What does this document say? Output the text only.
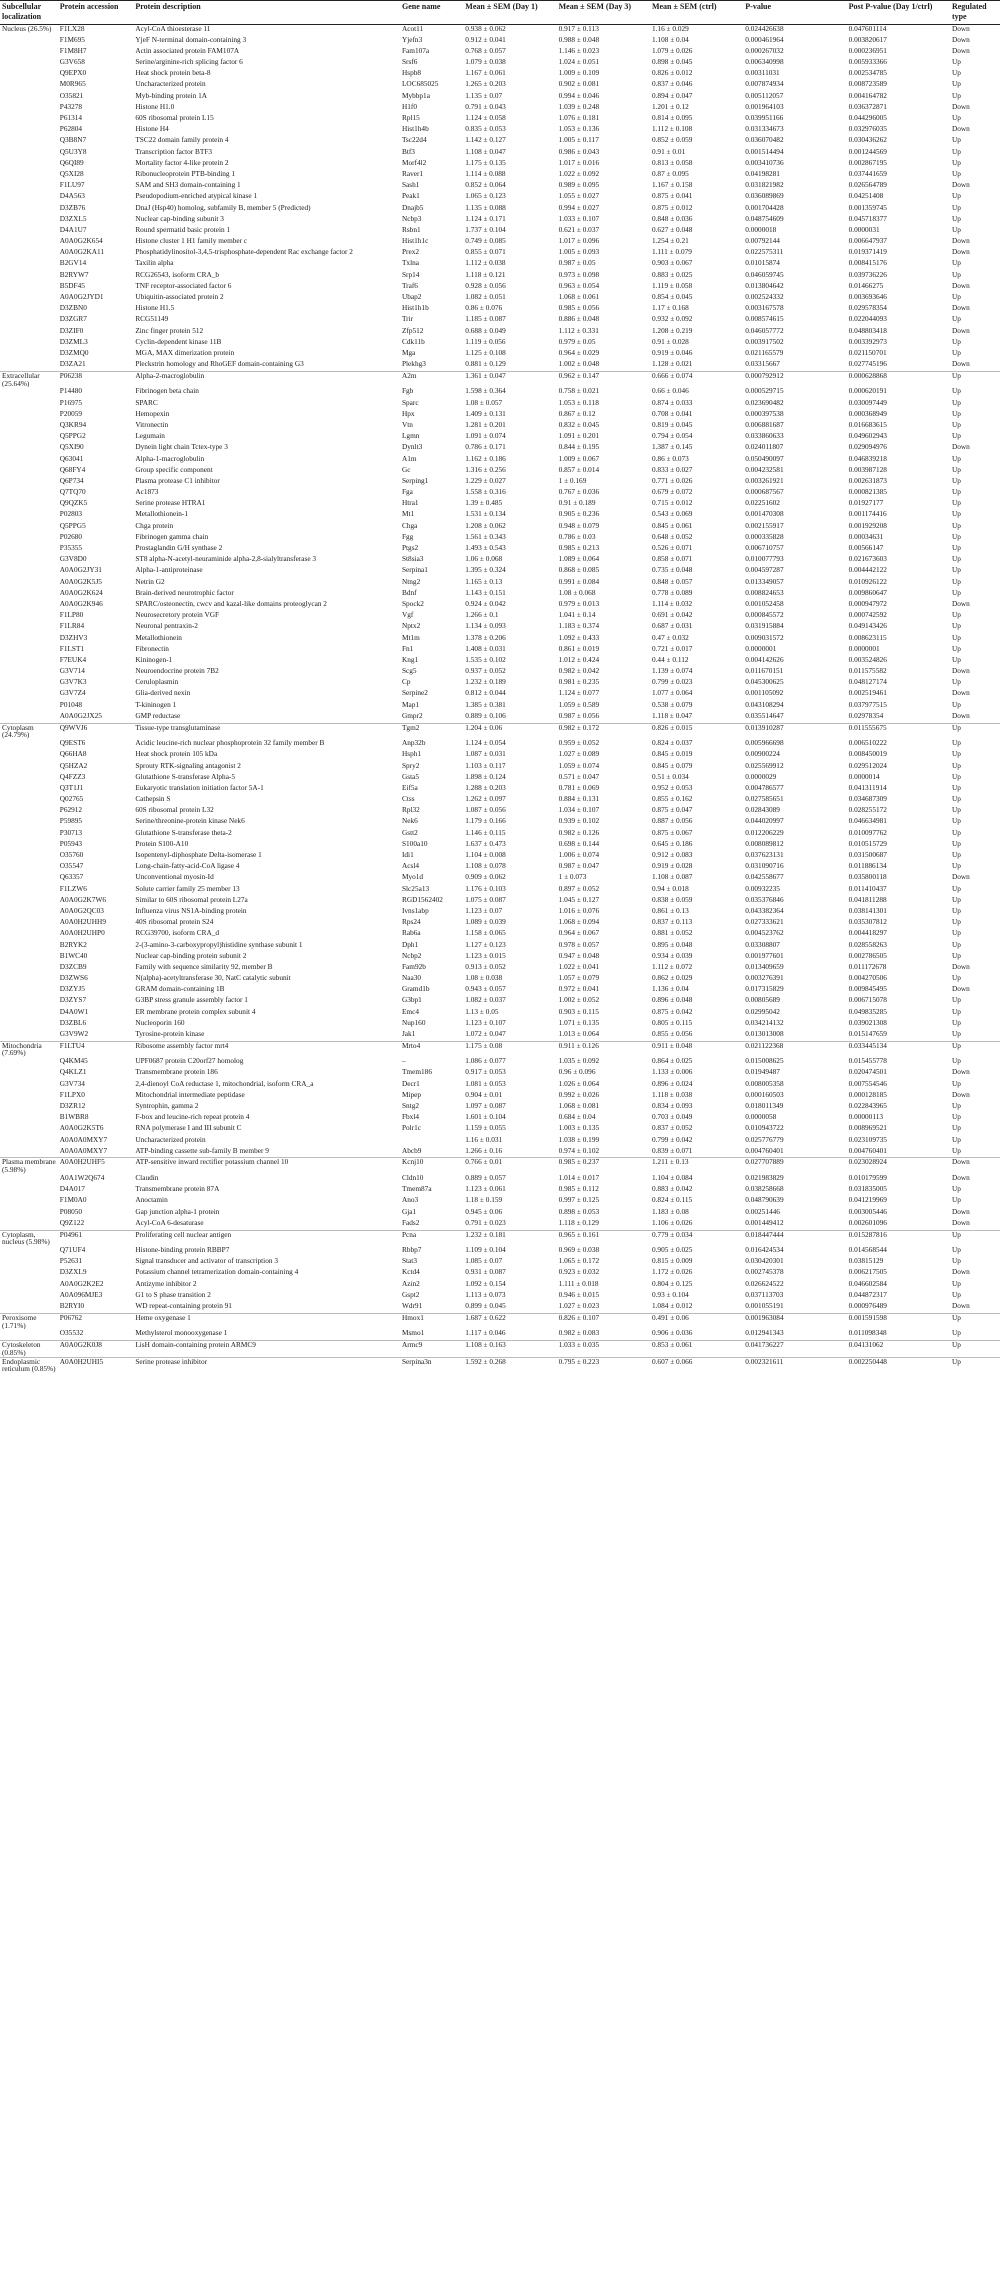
Subcellular localization	Protein accession	Protein description	Gene name	Mean ± SEM (Day 1)	Mean ± SEM (Day 3)	Mean ± SEM (ctrl)	P-value	Post P-value (Day 1/ctrl)	Regulated type
Nucleus (26.5%)	F1LX28	Acyl-CoA thioesterase 11	Acot11	0.938 ± 0.062	0.917 ± 0.113	1.16 ± 0.029	0.024426638	0.047601114	Down
	F1M695	YjeF N-terminal domain-containing 3	Yjefn3	0.912 ± 0.041	0.988 ± 0.048	1.108 ± 0.04	0.000461964	0.003820617	Down
	F1M8H7	Actin associated protein FAM107A	Fam107a	0.768 ± 0.057	1.146 ± 0.023	1.079 ± 0.026	0.000267032	0.000236951	Down
	G3V658	Serine/arginine-rich splicing factor 6	Srsf6	1.079 ± 0.038	1.024 ± 0.051	0.898 ± 0.045	0.006340998	0.005933366	Up
	Q9EPX0	Heat shock protein beta-8	Hspb8	1.167 ± 0.061	1.009 ± 0.109	0.826 ± 0.012	0.00311031	0.002534785	Up
	M0R965	Uncharacterized protein	LOC685025	1.265 ± 0.203	0.902 ± 0.081	0.837 ± 0.046	0.007874934	0.008723589	Up
	O35821	Myb-binding protein 1A	Mybbp1a	1.135 ± 0.07	0.994 ± 0.046	0.894 ± 0.047	0.005112057	0.004164782	Up
	P43278	Histone H1.0	H1f0	0.791 ± 0.043	1.039 ± 0.248	1.201 ± 0.12	0.001964103	0.036372871	Down
	P61314	60S ribosomal protein L15	Rpl15	1.124 ± 0.058	1.076 ± 0.181	0.814 ± 0.095	0.039951166	0.044296005	Up
	P62804	Histone H4	Hist1h4b	0.835 ± 0.053	1.053 ± 0.136	1.112 ± 0.108	0.031334673	0.032976035	Down
	Q3B8N7	TSC22 domain family protein 4	Tsc22d4	1.142 ± 0.127	1.005 ± 0.117	0.852 ± 0.059	0.036070482	0.030436262	Up
	Q5U3Y8	Transcription factor BTF3	Btf3	1.108 ± 0.047	0.986 ± 0.043	0.91 ± 0.01	0.001514494	0.001244569	Up
	Q6QI89	Mortality factor 4-like protein 2	Morf4l2	1.175 ± 0.135	1.017 ± 0.016	0.813 ± 0.058	0.003410736	0.002867195	Up
	Q5XI28	Ribonucleoprotein PTB-binding 1	Raver1	1.114 ± 0.088	1.022 ± 0.092	0.87 ± 0.095	0.04198281	0.037441659	Up
	F1LU97	SAM and SH3 domain-containing 1	Sash1	0.852 ± 0.064	0.989 ± 0.095	1.167 ± 0.158	0.031821982	0.026564789	Down
	D4A563	Pseudopodium-enriched atypical kinase 1	Peak1	1.065 ± 0.123	1.055 ± 0.027	0.875 ± 0.041	0.036089869	0.04251408	Up
	D3ZB76	DnaJ (Hsp40) homolog, subfamily B, member 5 (Predicted)	Dnajb5	1.135 ± 0.088	0.994 ± 0.027	0.875 ± 0.012	0.001704428	0.001359745	Up
	D3ZXL5	Nuclear cap-binding subunit 3	Ncbp3	1.124 ± 0.171	1.033 ± 0.107	0.848 ± 0.036	0.048754609	0.045718377	Up
	D4A1U7	Round spermatid basic protein 1	Rsbn1	1.737 ± 0.104	0.621 ± 0.037	0.627 ± 0.048	0.0000018	0.0000031	Up
	A0A0G2K654	Histone cluster 1 H1 family member c	Hist1h1c	0.749 ± 0.085	1.017 ± 0.096	1.254 ± 0.21	0.00792144	0.006647937	Down
	A0A0G2KA11	Phosphatidylinositol-3,4,5-trisphosphate-dependent Rac exchange factor 2	Prex2	0.855 ± 0.071	1.005 ± 0.093	1.111 ± 0.079	0.022575311	0.019371419	Down
	B2GV14	Taxilin alpha	Txlna	1.112 ± 0.038	0.987 ± 0.05	0.903 ± 0.067	0.01015874	0.008415176	Up
	B2RYW7	RCG26543, isoform CRA_b	Srp14	1.118 ± 0.121	0.973 ± 0.098	0.883 ± 0.025	0.046059745	0.039736226	Up
	B5DF45	TNF receptor-associated factor 6	Traf6	0.928 ± 0.056	0.963 ± 0.054	1.119 ± 0.058	0.013804642	0.01466275	Down
	A0A0G2JYD1	Ubiquitin-associated protein 2	Ubap2	1.082 ± 0.051	1.068 ± 0.061	0.854 ± 0.045	0.002524332	0.003693646	Up
	D3ZBN0	Histone H1.5	Hist1h1b	0.86 ± 0.076	0.985 ± 0.056	1.17 ± 0.168	0.003167578	0.029578354	Down
	D3ZGR7	RCG51149	Trir	1.185 ± 0.087	0.886 ± 0.048	0.932 ± 0.092	0.008574615	0.022044093	Up
	D3ZIF0	Zinc finger protein 512	Zfp512	0.688 ± 0.049	1.112 ± 0.331	1.208 ± 0.219	0.046057772	0.048803418	Down
	D3ZML3	Cyclin-dependent kinase 11B	Cdk11b	1.119 ± 0.056	0.979 ± 0.05	0.91 ± 0.028	0.003917502	0.003392973	Up
	D3ZMQ0	MGA, MAX dimerization protein	Mga	1.125 ± 0.108	0.964 ± 0.029	0.919 ± 0.046	0.021165579	0.021150701	Up
	D3ZA21	Pleckstrin homology and RhoGEF domain-containing G3	Plekhg3	0.881 ± 0.129	1.002 ± 0.048	1.128 ± 0.021	0.03315667	0.027745196	Down
Extracellular (25.64%)	P06238	Alpha-2-macroglobulin	A2m	1.361 ± 0.047	0.962 ± 0.147	0.666 ± 0.074	0.000792912	0.000628868	Up
	P14480	Fibrinogen beta chain	Fgb	1.598 ± 0.364	0.758 ± 0.021	0.66 ± 0.046	0.000529715	0.000620191	Up
	P16975	SPARC	Sparc	1.08 ± 0.057	1.053 ± 0.118	0.874 ± 0.033	0.023690482	0.030097449	Up
	P20059	Hemopexin	Hpx	1.409 ± 0.131	0.867 ± 0.12	0.708 ± 0.041	0.000397538	0.000368949	Up
	Q3KR94	Vitronectin	Vtn	1.281 ± 0.201	0.832 ± 0.045	0.819 ± 0.045	0.006881687	0.016683615	Up
	Q5PPG2	Legumain	Lgmn	1.091 ± 0.074	1.091 ± 0.201	0.794 ± 0.054	0.033860633	0.049602943	Up
	Q5XI90	Dynein light chain Tctex-type 3	Dynlt3	0.786 ± 0.171	0.844 ± 0.195	1.387 ± 0.145	0.024011807	0.029094976	Down
	Q63041	Alpha-1-macroglobulin	A1m	1.162 ± 0.186	1.009 ± 0.067	0.86 ± 0.073	0.050490097	0.046839218	Up
	Q68FY4	Group specific component	Gc	1.316 ± 0.256	0.857 ± 0.014	0.833 ± 0.027	0.004232581	0.003987128	Up
	Q6P734	Plasma protease C1 inhibitor	Serping1	1.229 ± 0.027	1 ± 0.169	0.771 ± 0.026	0.003261921	0.002631873	Up
	Q7TQ70	Ac1873	Fga	1.558 ± 0.316	0.767 ± 0.036	0.679 ± 0.072	0.000687567	0.000821385	Up
	Q9QZK5	Serine protease HTRA1	Htra1	1.39 ± 0.485	0.91 ± 0.189	0.715 ± 0.012	0.02251602	0.01927177	Up
	P02803	Metallothionein-1	Mt1	1.531 ± 0.134	0.905 ± 0.236	0.543 ± 0.069	0.001470308	0.001174416	Up
	Q5PPG5	Chga protein	Chga	1.208 ± 0.062	0.948 ± 0.079	0.845 ± 0.061	0.002155917	0.001929208	Up
	P02680	Fibrinogen gamma chain	Fgg	1.561 ± 0.343	0.786 ± 0.03	0.648 ± 0.052	0.000335828	0.00034631	Up
	P35355	Prostaglandin G/H synthase 2	Ptgs2	1.493 ± 0.543	0.985 ± 0.213	0.526 ± 0.071	0.006710757	0.00566147	Up
	G3V8D0	ST8 alpha-N-acetyl-neuraminide alpha-2,8-sialyltransferase 3	St8sia3	1.06 ± 0.068	1.089 ± 0.064	0.858 ± 0.071	0.010077793	0.021673603	Up
	A0A0G2JY31	Alpha-1-antiproteinase	Serpina1	1.395 ± 0.324	0.868 ± 0.085	0.735 ± 0.048	0.004597287	0.004442122	Up
	A0A0G2K5J5	Netrin G2	Ntng2	1.165 ± 0.13	0.991 ± 0.084	0.848 ± 0.057	0.013349057	0.010926122	Up
	A0A0G2K624	Brain-derived neurotrophic factor	Bdnf	1.143 ± 0.151	1.08 ± 0.068	0.778 ± 0.089	0.008824653	0.009860647	Up
	A0A0G2K946	SPARC/osteonectin, cwcv and kazal-like domains proteoglycan 2	Spock2	0.924 ± 0.042	0.979 ± 0.013	1.114 ± 0.032	0.001052458	0.000947972	Down
	F1LP80	Neurosecretory protein VGF	Vgf	1.266 ± 0.1	1.041 ± 0.14	0.691 ± 0.042	0.000845572	0.000742592	Up
	F1LR84	Neuronal pentraxin-2	Nptx2	1.134 ± 0.093	1.183 ± 0.374	0.687 ± 0.031	0.031915884	0.049143426	Up
	D3ZHV3	Metallothionein	Mt1m	1.378 ± 0.206	1.092 ± 0.433	0.47 ± 0.032	0.009031572	0.008623115	Up
	F1LST1	Fibronectin	Fn1	1.408 ± 0.031	0.861 ± 0.019	0.721 ± 0.017	0.0000001	0.0000001	Up
	F7EUK4	Kininogen-1	Kng1	1.535 ± 0.102	1.012 ± 0.424	0.44 ± 0.112	0.004142626	0.003524826	Up
	G3V714	Neuroendocrine protein 7B2	Scg5	0.937 ± 0.052	0.982 ± 0.042	1.139 ± 0.074	0.011670151	0.011575582	Down
	G3V7K3	Ceruloplasmin	Cp	1.232 ± 0.189	0.981 ± 0.235	0.799 ± 0.023	0.045300625	0.048127174	Up
	G3V7Z4	Glia-derived nexin	Serpine2	0.812 ± 0.044	1.124 ± 0.077	1.077 ± 0.064	0.001105092	0.002519461	Down
	P01048	T-kininogen 1	Map1	1.385 ± 0.381	1.059 ± 0.589	0.538 ± 0.079	0.043108294	0.037977515	Up
	A0A0G2JX25	GMP reductase	Gmpr2	0.889 ± 0.106	0.987 ± 0.056	1.118 ± 0.047	0.035514647	0.02978354	Down
Cytoplasm (24.79%)	Q9WVJ6	Tissue-type transglutaminase	Tgm2	1.204 ± 0.06	0.982 ± 0.172	0.826 ± 0.015	0.013910287	0.011555675	Up
	Q9EST6	Acidic leucine-rich nuclear phosphoprotein 32 family member B	Anp32b	1.124 ± 0.054	0.959 ± 0.052	0.824 ± 0.037	0.005966698	0.006510222	Up
	Q66HA8	Heat shock protein 105 kDa	Hsph1	1.087 ± 0.031	1.027 ± 0.089	0.845 ± 0.019	0.00900224	0.008450019	Up
	Q5HZA2	Sprouty RTK-signaling antagonist 2	Spry2	1.103 ± 0.117	1.059 ± 0.074	0.845 ± 0.079	0.025569912	0.029512024	Up
	Q4FZZ3	Glutathione S-transferase Alpha-5	Gsta5	1.898 ± 0.124	0.571 ± 0.047	0.51 ± 0.034	0.0000029	0.0000014	Up
	Q3T1J1	Eukaryotic translation initiation factor 5A-1	Eif5a	1.288 ± 0.203	0.781 ± 0.069	0.952 ± 0.053	0.004786577	0.041311914	Up
	Q02765	Cathepsin S	Ctss	1.262 ± 0.097	0.884 ± 0.131	0.855 ± 0.162	0.027585651	0.034687309	Up
	P62912	60S ribosomal protein L32	Rpl32	1.087 ± 0.056	1.034 ± 0.107	0.875 ± 0.047	0.02843089	0.028255172	Up
	P59895	Serine/threonine-protein kinase Nek6	Nek6	1.179 ± 0.166	0.939 ± 0.102	0.887 ± 0.056	0.044020997	0.046634981	Up
	P30713	Glutathione S-transferase theta-2	Gstt2	1.146 ± 0.115	0.982 ± 0.126	0.875 ± 0.067	0.012206229	0.010097762	Up
	P05943	Protein S100-A10	S100a10	1.637 ± 0.473	0.698 ± 0.144	0.645 ± 0.186	0.008089812	0.010515729	Up
	O35760	Isopentenyl-diphosphate Delta-isomerase 1	Idi1	1.104 ± 0.008	1.006 ± 0.074	0.912 ± 0.083	0.037623131	0.031500687	Up
	O35547	Long-chain-fatty-acid-CoA ligase 4	Acsl4	1.108 ± 0.078	0.987 ± 0.047	0.919 ± 0.028	0.031090716	0.011886134	Up
	Q63357	Unconventional myosin-Id	Myo1d	0.909 ± 0.062	1 ± 0.073	1.108 ± 0.087	0.042558677	0.035800118	Down
	F1LZW6	Solute carrier family 25 member 13	Slc25a13	1.176 ± 0.103	0.897 ± 0.052	0.94 ± 0.018	0.00932235	0.011410437	Up
	A0A0G2K7W6	Similar to 60S ribosomal protein L27a	RGD1562402	1.075 ± 0.087	1.045 ± 0.127	0.838 ± 0.059	0.035376846	0.041811288	Up
	A0A0G2QC03	Influenza virus NS1A-binding protein	Ivns1abp	1.123 ± 0.07	1.016 ± 0.076	0.861 ± 0.13	0.043382364	0.038141301	Up
	A0A0H2UHH9	40S ribosomal protein S24	Rps24	1.089 ± 0.039	1.068 ± 0.094	0.837 ± 0.113	0.027333621	0.035307812	Up
	A0A0H2UHP0	RCG39700, isoform CRA_d	Rab6a	1.158 ± 0.065	0.964 ± 0.067	0.881 ± 0.052	0.004523762	0.004418297	Up
	B2RYK2	2-(3-amino-3-carboxypropyl)histidine synthase subunit 1	Dph1	1.127 ± 0.123	0.978 ± 0.057	0.895 ± 0.048	0.03308807	0.028558263	Up
	B1WC40	Nuclear cap-binding protein subunit 2	Ncbp2	1.123 ± 0.015	0.947 ± 0.048	0.934 ± 0.039	0.001977601	0.002786505	Up
	D3ZCB9	Family with sequence similarity 92, member B	Fam92b	0.913 ± 0.052	1.022 ± 0.041	1.112 ± 0.072	0.013409659	0.011172678	Down
	D3ZWS6	N(alpha)-acetyltransferase 30, NatC catalytic subunit	Naa30	1.08 ± 0.038	1.057 ± 0.079	0.862 ± 0.029	0.003276391	0.004270506	Up
	D3ZYJ5	GRAM domain-containing 1B	Gramd1b	0.943 ± 0.057	0.972 ± 0.041	1.136 ± 0.04	0.017315829	0.009845495	Down
	D3ZYS7	G3BP stress granule assembly factor 1	G3bp1	1.082 ± 0.037	1.002 ± 0.052	0.896 ± 0.048	0.00805689	0.006715078	Up
	D4A0W1	ER membrane protein complex subunit 4	Emc4	1.13 ± 0.05	0.903 ± 0.115	0.875 ± 0.042	0.02995042	0.049835285	Up
	D3ZBL6	Nucleoporin 160	Nup160	1.123 ± 0.107	1.071 ± 0.135	0.805 ± 0.115	0.034214132	0.039021308	Up
	G3V9W2	Tyrosine-protein kinase	Jak1	1.072 ± 0.047	1.013 ± 0.064	0.855 ± 0.056	0.013013008	0.015147659	Up
Mitochondria (7.69%)	F1LTU4	Ribosome assembly factor mrt4	Mrto4	1.175 ± 0.08	0.911 ± 0.126	0.911 ± 0.048	0.021122368	0.033445134	Up
	Q4KM45	UPF0687 protein C20orf27 homolog	–	1.086 ± 0.077	1.035 ± 0.092	0.864 ± 0.025	0.015008625	0.015455778	Up
	Q4KLZ1	Transmembrane protein 186	Tmem186	0.917 ± 0.053	0.96 ± 0.096	1.133 ± 0.006	0.01949487	0.020474501	Down
	G3V734	2,4-dienoyl CoA reductase 1, mitochondrial, isoform CRA_a	Decr1	1.081 ± 0.053	1.026 ± 0.064	0.896 ± 0.024	0.008005358	0.007554546	Up
	F1LPX0	Mitochondrial intermediate peptidase	Mipep	0.904 ± 0.01	0.992 ± 0.026	1.118 ± 0.038	0.000160503	0.000128185	Down
	D3ZR12	Syntrophin, gamma 2	Sntg2	1.097 ± 0.087	1.068 ± 0.081	0.834 ± 0.093	0.018011349	0.022843965	Up
	B1WBR8	F-box and leucine-rich repeat protein 4	Fbxl4	1.601 ± 0.104	0.684 ± 0.04	0.703 ± 0.049	0.0000058	0.00000113	Up
	A0A0G2K5T6	RNA polymerase I and III subunit C	Polr1c	1.159 ± 0.055	1.003 ± 0.135	0.837 ± 0.052	0.010943722	0.008969521	Up
	A0A0A0MXY7	Uncharacterized protein		1.16 ± 0.031	1.038 ± 0.199	0.799 ± 0.042	0.025776779	0.023109735	Up
	A0A0A0MXY7	ATP-binding cassette sub-family B member 9	Abcb9	1.266 ± 0.16	0.974 ± 0.102	0.839 ± 0.071	0.004760401	0.004760401	Up
Plasma membrane (5.98%)	A0A0H2UHF5	ATP-sensitive inward rectifier potassium channel 10	Kcnj10	0.766 ± 0.01	0.985 ± 0.237	1.211 ± 0.13	0.027707889	0.023028924	Down
	A0A1W2Q674	Claudin	Cldn10	0.889 ± 0.057	1.014 ± 0.017	1.104 ± 0.084	0.021983829	0.010179599	Down
	D4A017	Transmembrane protein 87A	Tmem87a	1.123 ± 0.061	0.985 ± 0.112	0.883 ± 0.042	0.038258668	0.031835005	Up
	F1M0A0	Anoctamin	Ano3	1.18 ± 0.159	0.997 ± 0.125	0.824 ± 0.115	0.048790639	0.041219969	Up
	P08050	Gap junction alpha-1 protein	Gja1	0.945 ± 0.06	0.898 ± 0.053	1.183 ± 0.08	0.00251446	0.003005446	Down
	Q9Z122	Acyl-CoA 6-desaturase	Fads2	0.791 ± 0.023	1.118 ± 0.129	1.106 ± 0.026	0.001449412	0.002601096	Down
Cytoplasm, nucleus (5.98%)	P04961	Proliferating cell nuclear antigen	Pcna	1.232 ± 0.181	0.965 ± 0.161	0.779 ± 0.034	0.018447444	0.015287816	Up
	Q71UF4	Histone-binding protein RBBP7	Rbbp7	1.109 ± 0.104	0.969 ± 0.038	0.905 ± 0.025	0.016424534	0.014568544	Up
	P52631	Signal transducer and activator of transcription 3	Stat3	1.085 ± 0.07	1.065 ± 0.172	0.815 ± 0.009	0.030420301	0.03815129	Up
	D3ZXL9	Potassium channel tetramerization domain-containing 4	Kctd4	0.931 ± 0.087	0.923 ± 0.032	1.172 ± 0.026	0.002745378	0.006217505	Down
	A0A0G2K2E2	Antizyme inhibitor 2	Azin2	1.092 ± 0.154	1.111 ± 0.018	0.804 ± 0.125	0.026624522	0.046602584	Up
	A0A096MJE3	G1 to S phase transition 2	Gspt2	1.113 ± 0.073	0.946 ± 0.015	0.93 ± 0.104	0.037113703	0.044872317	Up
	B2RYI0	WD repeat-containing protein 91	Wdr91	0.899 ± 0.045	1.027 ± 0.023	1.084 ± 0.012	0.001055191	0.000976489	Down
Peroxisome (1.71%)	P06762	Heme oxygenase 1	Hmox1	1.687 ± 0.622	0.826 ± 0.107	0.491 ± 0.06	0.001963084	0.001591598	Up
	O35532	Methylsterol monooxygenase 1	Msmo1	1.117 ± 0.046	0.982 ± 0.083	0.906 ± 0.036	0.012941343	0.011098348	Up
Cytoskeleton (0.85%)	A0A0G2K0J8	LisH domain-containing protein ARMC9	Armc9	1.108 ± 0.163	1.033 ± 0.035	0.853 ± 0.061	0.041736227	0.04131062	Up
Endoplasmic reticulum (0.85%)	A0A0H2UHI5	Serine protease inhibitor	Serpina3n	1.592 ± 0.268	0.795 ± 0.223	0.607 ± 0.066	0.002321611	0.002250448	Up
